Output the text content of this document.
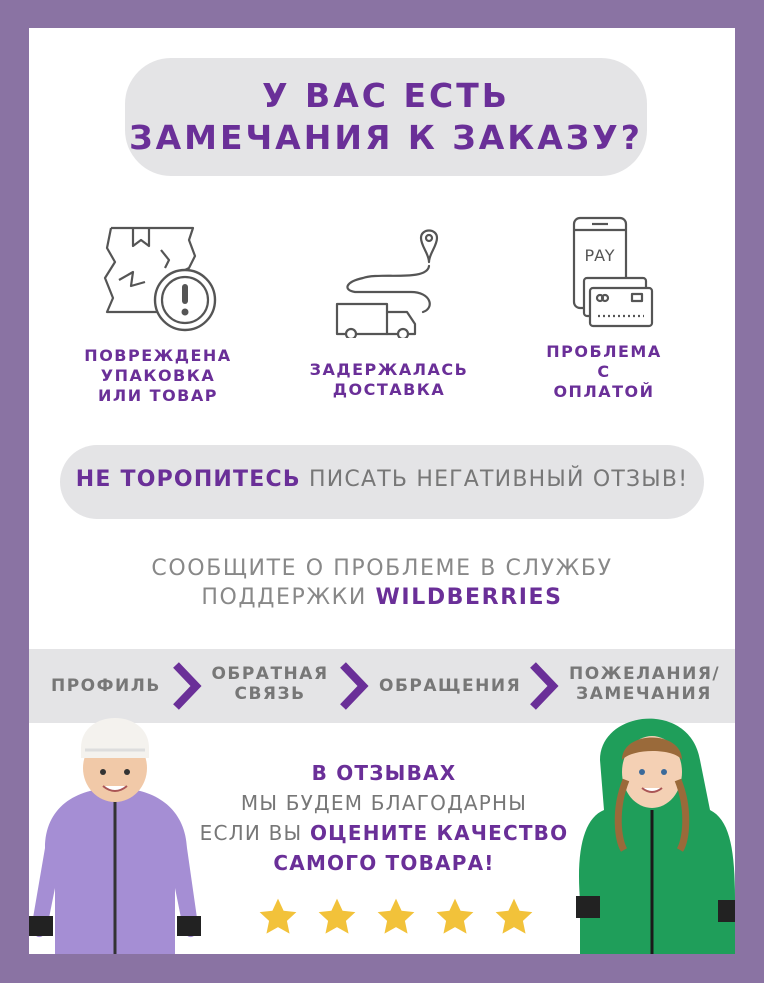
У ВАС ЕСТЬ
ЗАМЕЧАНИЯ К ЗАКАЗУ?
ПОВРЕЖДЕНА
УПАКОВКА
ИЛИ ТОВАР
ЗАДЕРЖАЛАСЬ
ДОСТАВКА
PAY
ПРОБЛЕМА
С
ОПЛАТОЙ
НЕ ТОРОПИТЕСЬ ПИСАТЬ НЕГАТИВНЫЙ ОТЗЫВ!
СООБЩИТЕ О ПРОБЛЕМЕ В СЛУЖБУ
ПОДДЕРЖКИ WILDBERRIES
ПРОФИЛЬ
ОБРАТНАЯ
СВЯЗЬ	ОБРАЩЕНИЯ
ПОЖЕЛАНИЯ/
ЗАМЕЧАНИЯ
В ОТЗЫВАХ
МЫ БУДЕМ БЛАГОДАРНЫ
ЕСЛИ ВЫ ОЦЕНИТЕ КАЧЕСТВО
САМОГО ТОВАРА!
